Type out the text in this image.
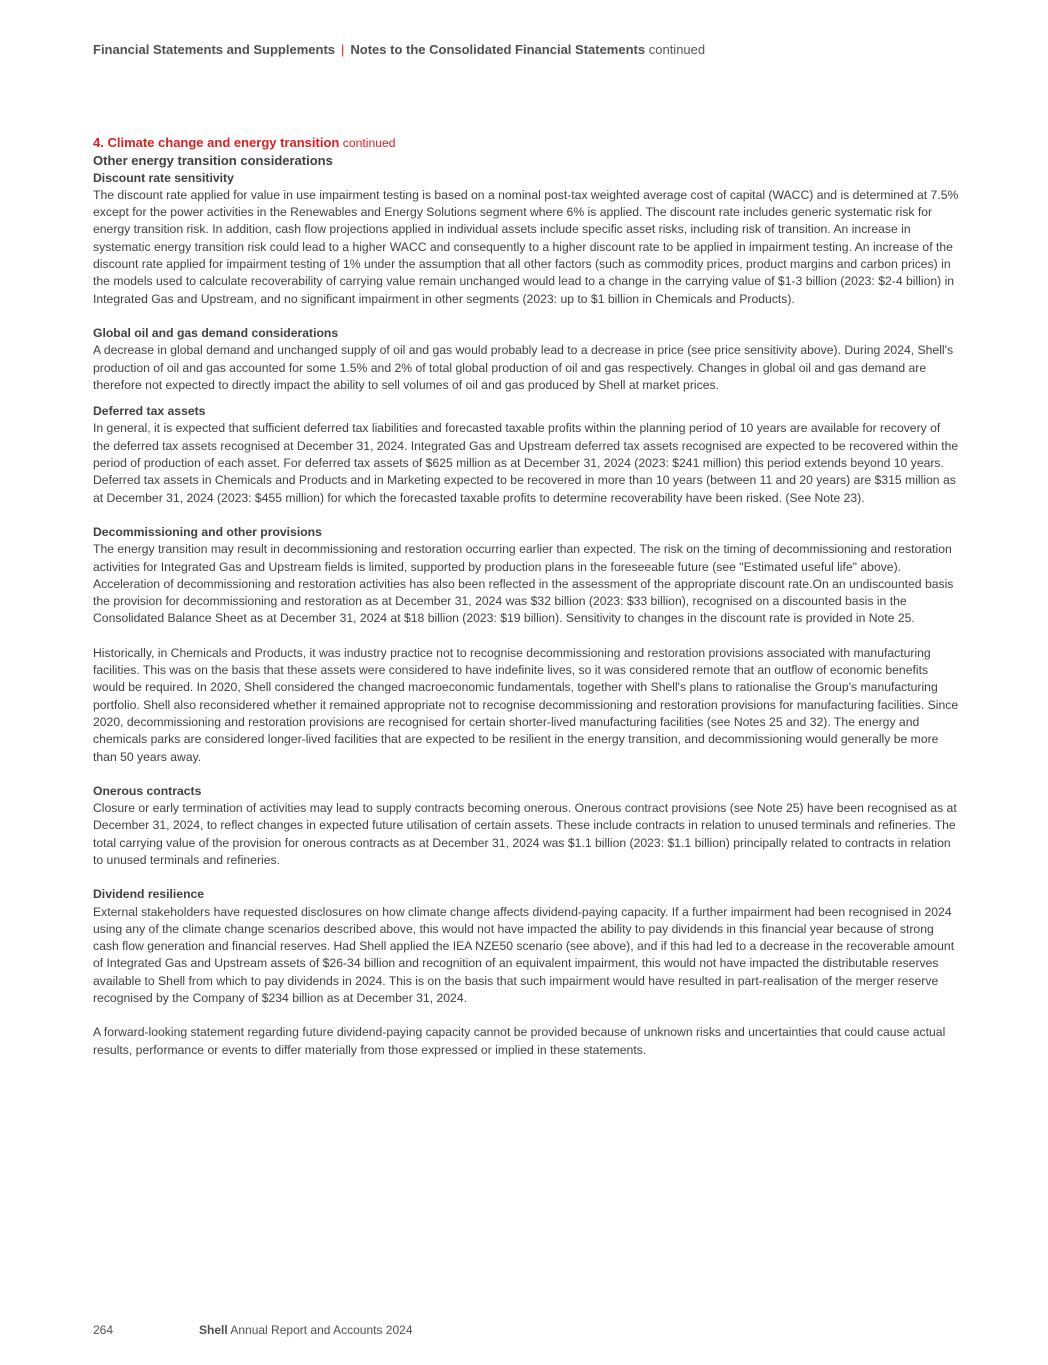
Financial Statements and Supplements | Notes to the Consolidated Financial Statements continued
4. Climate change and energy transition continued
Other energy transition considerations
Discount rate sensitivity

The discount rate applied for value in use impairment testing is based on a nominal post-tax weighted average cost of capital (WACC) and is determined at 7.5% except for the power activities in the Renewables and Energy Solutions segment where 6% is applied. The discount rate includes generic systematic risk for energy transition risk. In addition, cash flow projections applied in individual assets include specific asset risks, including risk of transition. An increase in systematic energy transition risk could lead to a higher WACC and consequently to a higher discount rate to be applied in impairment testing. An increase of the discount rate applied for impairment testing of 1% under the assumption that all other factors (such as commodity prices, product margins and carbon prices) in the models used to calculate recoverability of carrying value remain unchanged would lead to a change in the carrying value of $1-3 billion (2023: $2-4 billion) in Integrated Gas and Upstream, and no significant impairment in other segments (2023: up to $1 billion in Chemicals and Products).

Global oil and gas demand considerations

A decrease in global demand and unchanged supply of oil and gas would probably lead to a decrease in price (see price sensitivity above). During 2024, Shell's production of oil and gas accounted for some 1.5% and 2% of total global production of oil and gas respectively. Changes in global oil and gas demand are therefore not expected to directly impact the ability to sell volumes of oil and gas produced by Shell at market prices.

Deferred tax assets

In general, it is expected that sufficient deferred tax liabilities and forecasted taxable profits within the planning period of 10 years are available for recovery of the deferred tax assets recognised at December 31, 2024. Integrated Gas and Upstream deferred tax assets recognised are expected to be recovered within the period of production of each asset. For deferred tax assets of $625 million as at December 31, 2024 (2023: $241 million) this period extends beyond 10 years. Deferred tax assets in Chemicals and Products and in Marketing expected to be recovered in more than 10 years (between 11 and 20 years) are $315 million as at December 31, 2024 (2023: $455 million) for which the forecasted taxable profits to determine recoverability have been risked. (See Note 23).

Decommissioning and other provisions

The energy transition may result in decommissioning and restoration occurring earlier than expected. The risk on the timing of decommissioning and restoration activities for Integrated Gas and Upstream fields is limited, supported by production plans in the foreseeable future (see "Estimated useful life" above). Acceleration of decommissioning and restoration activities has also been reflected in the assessment of the appropriate discount rate.On an undiscounted basis the provision for decommissioning and restoration as at December 31, 2024 was $32 billion (2023: $33 billion), recognised on a discounted basis in the Consolidated Balance Sheet as at December 31, 2024 at $18 billion (2023: $19 billion). Sensitivity to changes in the discount rate is provided in Note 25.

Historically, in Chemicals and Products, it was industry practice not to recognise decommissioning and restoration provisions associated with manufacturing facilities. This was on the basis that these assets were considered to have indefinite lives, so it was considered remote that an outflow of economic benefits would be required. In 2020, Shell considered the changed macroeconomic fundamentals, together with Shell's plans to rationalise the Group's manufacturing portfolio. Shell also reconsidered whether it remained appropriate not to recognise decommissioning and restoration provisions for manufacturing facilities. Since 2020, decommissioning and restoration provisions are recognised for certain shorter-lived manufacturing facilities (see Notes 25 and 32). The energy and chemicals parks are considered longer-lived facilities that are expected to be resilient in the energy transition, and decommissioning would generally be more than 50 years away.

Onerous contracts

Closure or early termination of activities may lead to supply contracts becoming onerous. Onerous contract provisions (see Note 25) have been recognised as at December 31, 2024, to reflect changes in expected future utilisation of certain assets. These include contracts in relation to unused terminals and refineries. The total carrying value of the provision for onerous contracts as at December 31, 2024 was $1.1 billion (2023: $1.1 billion) principally related to contracts in relation to unused terminals and refineries.

Dividend resilience

External stakeholders have requested disclosures on how climate change affects dividend-paying capacity. If a further impairment had been recognised in 2024 using any of the climate change scenarios described above, this would not have impacted the ability to pay dividends in this financial year because of strong cash flow generation and financial reserves. Had Shell applied the IEA NZE50 scenario (see above), and if this had led to a decrease in the recoverable amount of Integrated Gas and Upstream assets of $26-34 billion and recognition of an equivalent impairment, this would not have impacted the distributable reserves available to Shell from which to pay dividends in 2024. This is on the basis that such impairment would have resulted in part-realisation of the merger reserve recognised by the Company of $234 billion as at December 31, 2024.

A forward-looking statement regarding future dividend-paying capacity cannot be provided because of unknown risks and uncertainties that could cause actual results, performance or events to differ materially from those expressed or implied in these statements.

264	Shell Annual Report and Accounts 2024
